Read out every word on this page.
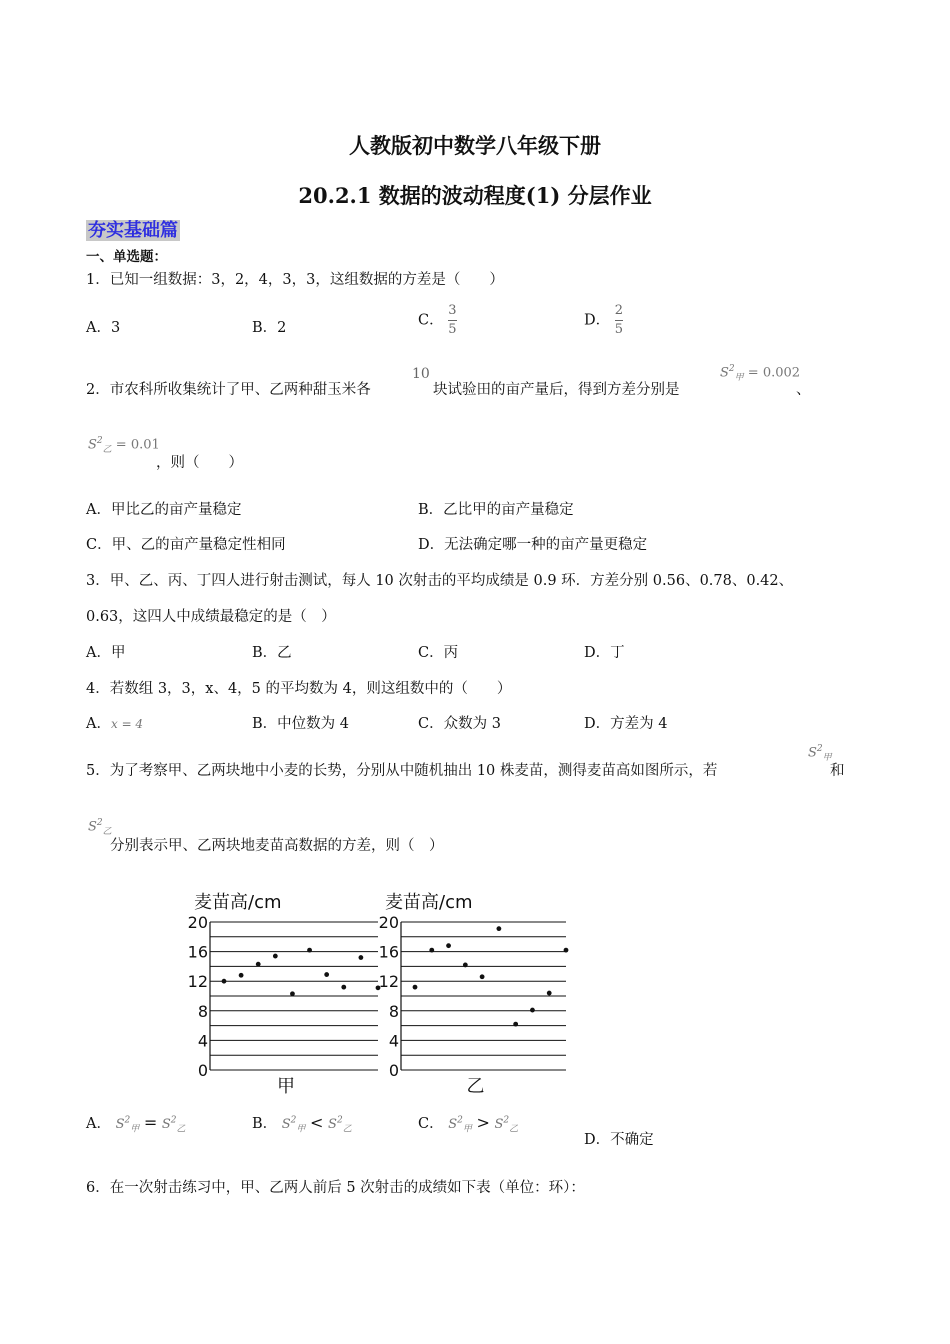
人教版初中数学八年级下册
20.2.1 数据的波动程度(1) 分层作业
夯实基础篇
一、单选题：
1．已知一组数据：3，2，4，3，3，这组数据的方差是（　　）
A．3	B．2	C． $\frac{3}{5}$	D． $\frac{2}{5}$
2．市农科所收集统计了甲、乙两种甜玉米各
10
块试验田的亩产量后，得到方差分别是
$S^2_甲 = 0.002$
、
$S^2_乙 = 0.01$
，则（　　）
A．甲比乙的亩产量稳定	B．乙比甲的亩产量稳定
C．甲、乙的亩产量稳定性相同	D．无法确定哪一种的亩产量更稳定
3．甲、乙、丙、丁四人进行射击测试，每人 10 次射击的平均成绩是 0.9 环．方差分别 0.56、0.78、0.42、
0.63，这四人中成绩最稳定的是（　）
A．甲	B．乙	C．丙	D．丁
4．若数组 3，3，x、4，5 的平均数为 4，则这组数中的（　　）
A．x = 4	B．中位数为 4	C．众数为 3	D．方差为 4
5．为了考察甲、乙两块地中小麦的长势，分别从中随机抽出 10 株麦苗，测得麦苗高如图所示，若
$S^2_甲$
和
$S^2_乙$
分别表示甲、乙两块地麦苗高数据的方差，则（　）
麦苗高/cm
20
16
12
8
4
0
甲
麦苗高/cm
20
16
12
8
4
0
乙
A． $S^2_甲 = S^2_乙$	B． $S^2_甲 < S^2_乙$	C． $S^2_甲 > S^2_乙$
D．不确定
6．在一次射击练习中，甲、乙两人前后 5 次射击的成绩如下表（单位：环）：
